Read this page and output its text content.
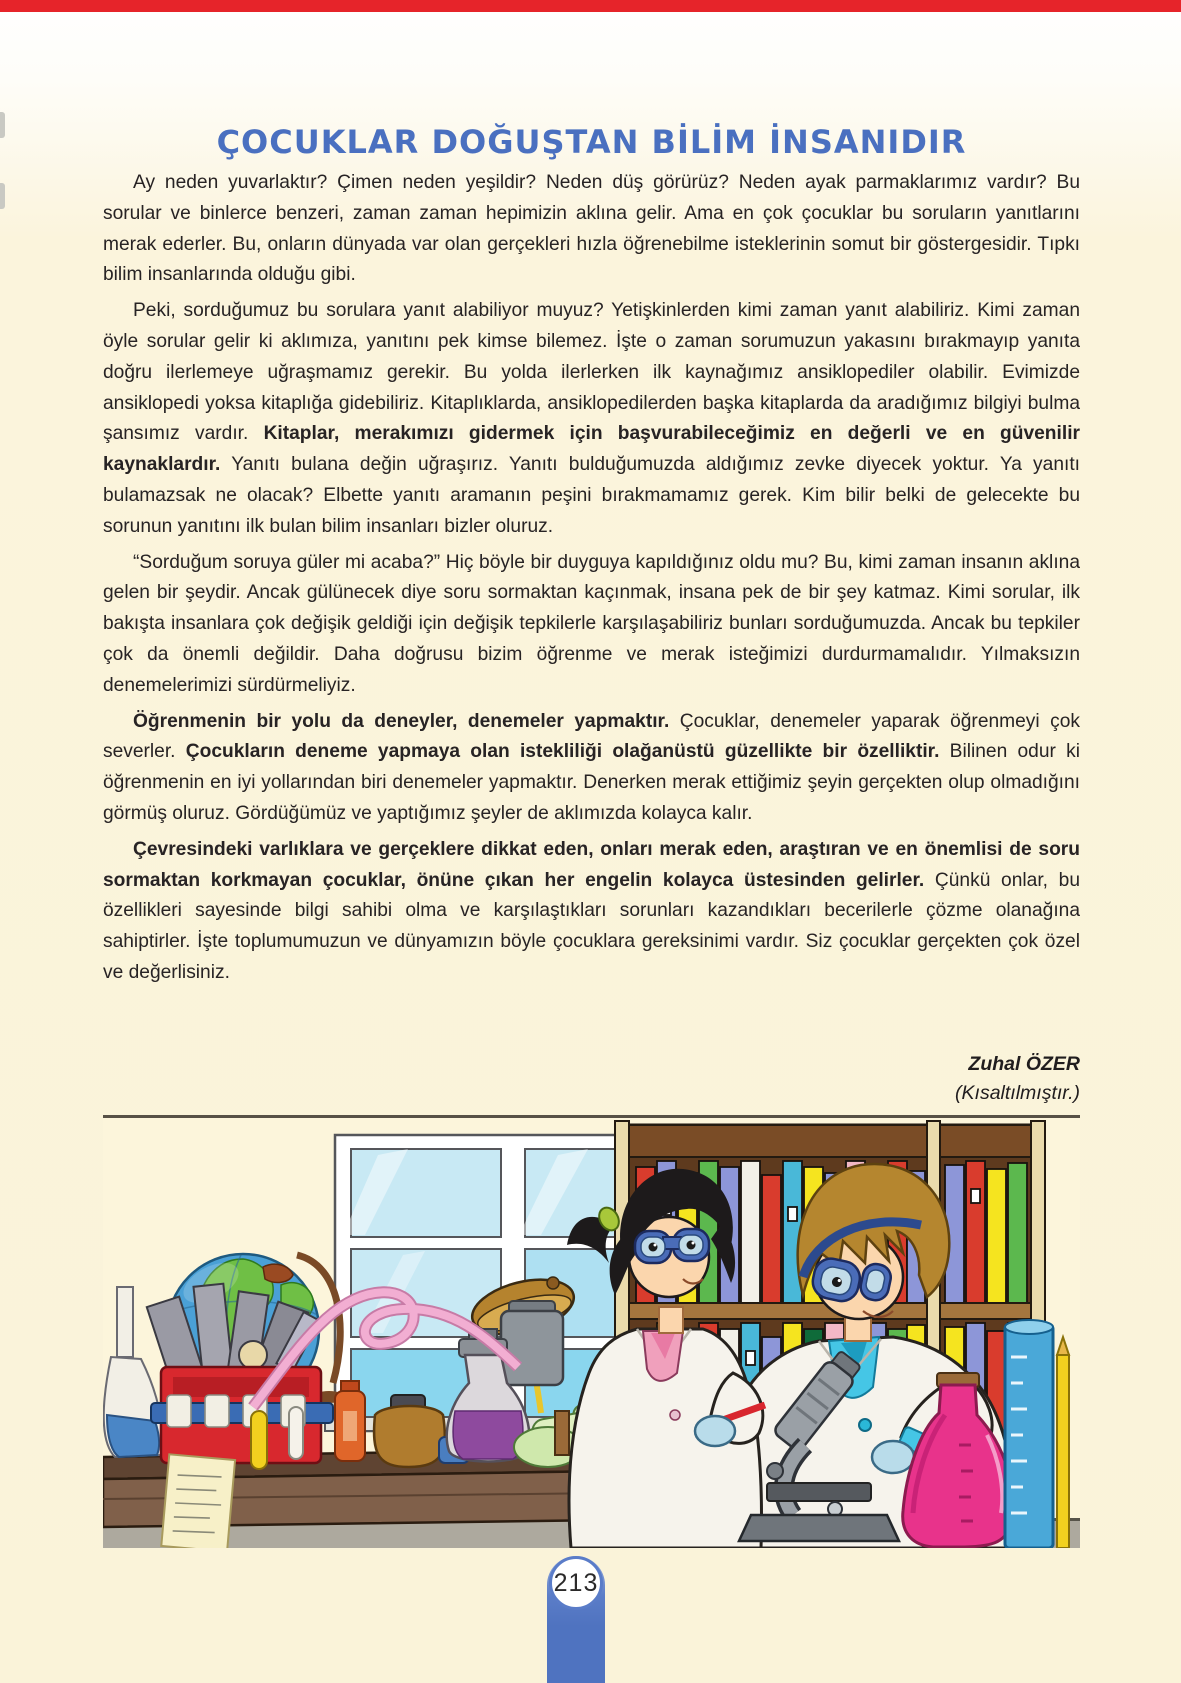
ÇOCUKLAR DOĞUŞTAN BİLİM İNSANIDIR

Ay neden yuvarlaktır? Çimen neden yeşildir? Neden düş görürüz? Neden ayak parmaklarımız vardır? Bu sorular ve binlerce benzeri, zaman zaman hepimizin aklına gelir. Ama en çok çocuklar bu soruların yanıtlarını merak ederler. Bu, onların dünyada var olan gerçekleri hızla öğrenebilme isteklerinin somut bir göstergesidir. Tıpkı bilim insanlarında olduğu gibi.

Peki, sorduğumuz bu sorulara yanıt alabiliyor muyuz? Yetişkinlerden kimi zaman yanıt alabiliriz. Kimi zaman öyle sorular gelir ki aklımıza, yanıtını pek kimse bilemez. İşte o zaman sorumuzun yakasını bırakmayıp yanıta doğru ilerlemeye uğraşmamız gerekir. Bu yolda ilerlerken ilk kaynağımız ansiklopediler olabilir. Evimizde ansiklopedi yoksa kitaplığa gidebiliriz. Kitaplıklarda, ansiklopedilerden başka kitaplarda da aradığımız bilgiyi bulma şansımız vardır. Kitaplar, merakımızı gidermek için başvurabileceğimiz en değerli ve en güvenilir kaynaklardır. Yanıtı bulana değin uğraşırız. Yanıtı bulduğumuzda aldığımız zevke diyecek yoktur. Ya yanıtı bulamazsak ne olacak? Elbette yanıtı aramanın peşini bırakmamamız gerek. Kim bilir belki de gelecekte bu sorunun yanıtını ilk bulan bilim insanları bizler oluruz.

“Sorduğum soruya güler mi acaba?” Hiç böyle bir duyguya kapıldığınız oldu mu? Bu, kimi zaman insanın aklına gelen bir şeydir. Ancak gülünecek diye soru sormaktan kaçınmak, insana pek de bir şey katmaz. Kimi sorular, ilk bakışta insanlara çok değişik geldiği için değişik tepkilerle karşılaşabiliriz bunları sorduğumuzda. Ancak bu tepkiler çok da önemli değildir. Daha doğrusu bizim öğrenme ve merak isteğimizi durdurmamalıdır. Yılmaksızın denemelerimizi sürdürmeliyiz.

Öğrenmenin bir yolu da deneyler, denemeler yapmaktır. Çocuklar, denemeler yaparak öğrenmeyi çok severler. Çocukların deneme yapmaya olan istekliliği olağanüstü güzellikte bir özelliktir. Bilinen odur ki öğrenmenin en iyi yollarından biri denemeler yapmaktır. Denerken merak ettiğimiz şeyin gerçekten olup olmadığını görmüş oluruz. Gördüğümüz ve yaptığımız şeyler de aklımızda kolayca kalır.

Çevresindeki varlıklara ve gerçeklere dikkat eden, onları merak eden, araştıran ve en önemlisi de soru sormaktan korkmayan çocuklar, önüne çıkan her engelin kolayca üstesinden gelirler. Çünkü onlar, bu özellikleri sayesinde bilgi sahibi olma ve karşılaştıkları sorunları kazandıkları becerilerle çözme olanağına sahiptirler. İşte toplumumuzun ve dünyamızın böyle çocuklara gereksinimi vardır. Siz çocuklar gerçekten çok özel ve değerlisiniz.

Zuhal ÖZER
(Kısaltılmıştır.)
213
